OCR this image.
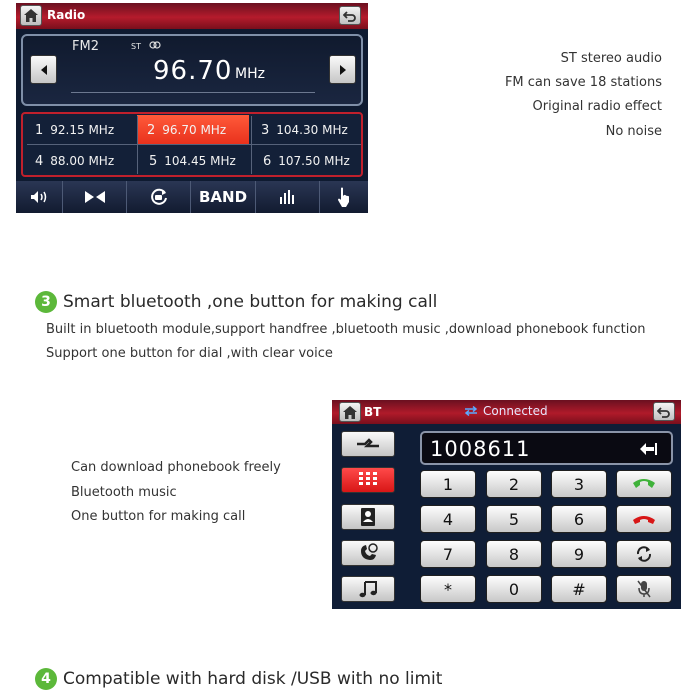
Radio
FM2	ST
96.70 MHz
1 92.15 MHz	2 96.70 MHz	3 104.30 MHz
4 88.00 MHz	5 104.45 MHz 6 107.50 MHz
BAND
ST stereo audio
FM can save 18 stations
Original radio effect
No noise
3 Smart bluetooth ,one button for making call
Built in bluetooth module,support handfree ,bluetooth music ,download phonebook function
Support one button for dial ,with clear voice
Can download phonebook freely
Bluetooth music
One button for making call
BT	Connected
1008611
1	2	3
4	5	6
7	8	9
*	0	#
4 Compatible with hard disk /USB with no limit
